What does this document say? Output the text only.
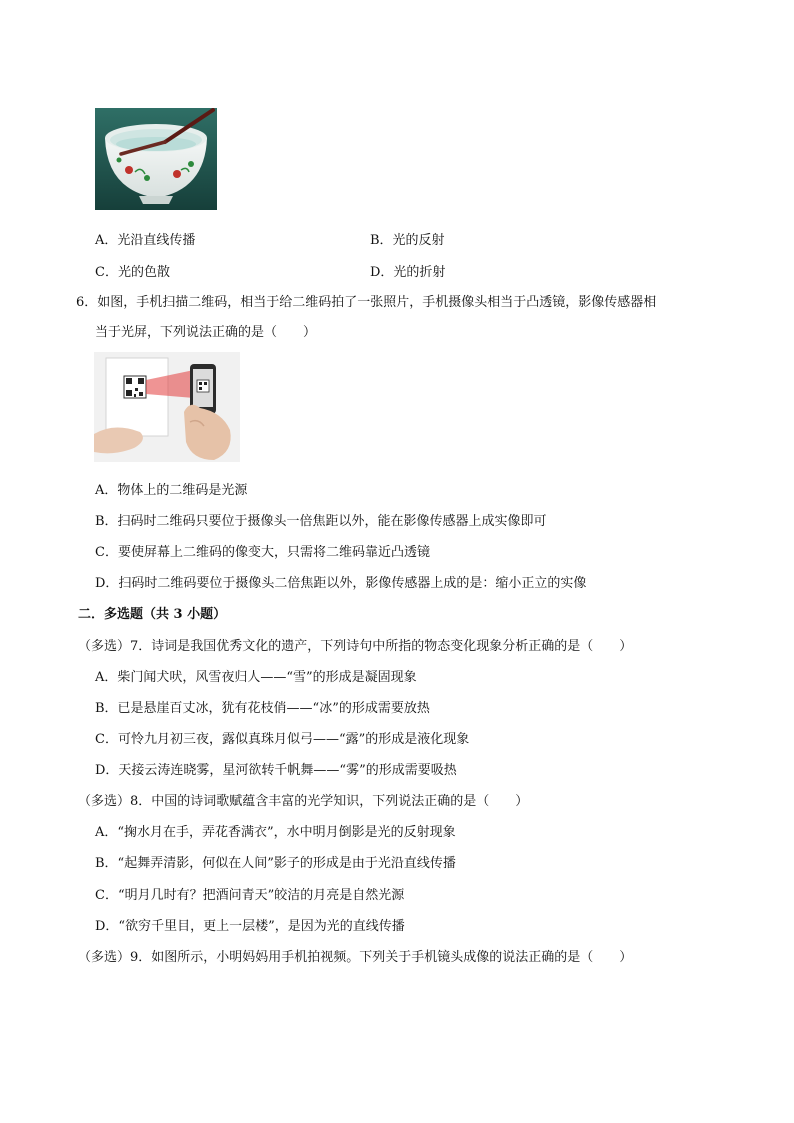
A．光沿直线传播	B．光的反射
C．光的色散	D．光的折射
6．如图，手机扫描二维码，相当于给二维码拍了一张照片，手机摄像头相当于凸透镜，影像传感器相
当于光屏，下列说法正确的是（　　）
A．物体上的二维码是光源
B．扫码时二维码只要位于摄像头一倍焦距以外，能在影像传感器上成实像即可
C．要使屏幕上二维码的像变大，只需将二维码靠近凸透镜
D．扫码时二维码要位于摄像头二倍焦距以外，影像传感器上成的是：缩小正立的实像
二．多选题（共 3 小题）
（多选）7．诗词是我国优秀文化的遗产，下列诗句中所指的物态变化现象分析正确的是（　　）
A．柴门闻犬吠，风雪夜归人——“雪”的形成是凝固现象
B．已是悬崖百丈冰，犹有花枝俏——“冰”的形成需要放热
C．可怜九月初三夜，露似真珠月似弓——“露”的形成是液化现象
D．天接云涛连晓雾，星河欲转千帆舞——“雾”的形成需要吸热
（多选）8．中国的诗词歌赋蕴含丰富的光学知识，下列说法正确的是（　　）
A．“掬水月在手，弄花香满衣”，水中明月倒影是光的反射现象
B．“起舞弄清影，何似在人间”影子的形成是由于光沿直线传播
C．“明月几时有？把酒问青天”皎洁的月亮是自然光源
D．“欲穷千里目，更上一层楼”，是因为光的直线传播
（多选）9．如图所示，小明妈妈用手机拍视频。下列关于手机镜头成像的说法正确的是（　　）
